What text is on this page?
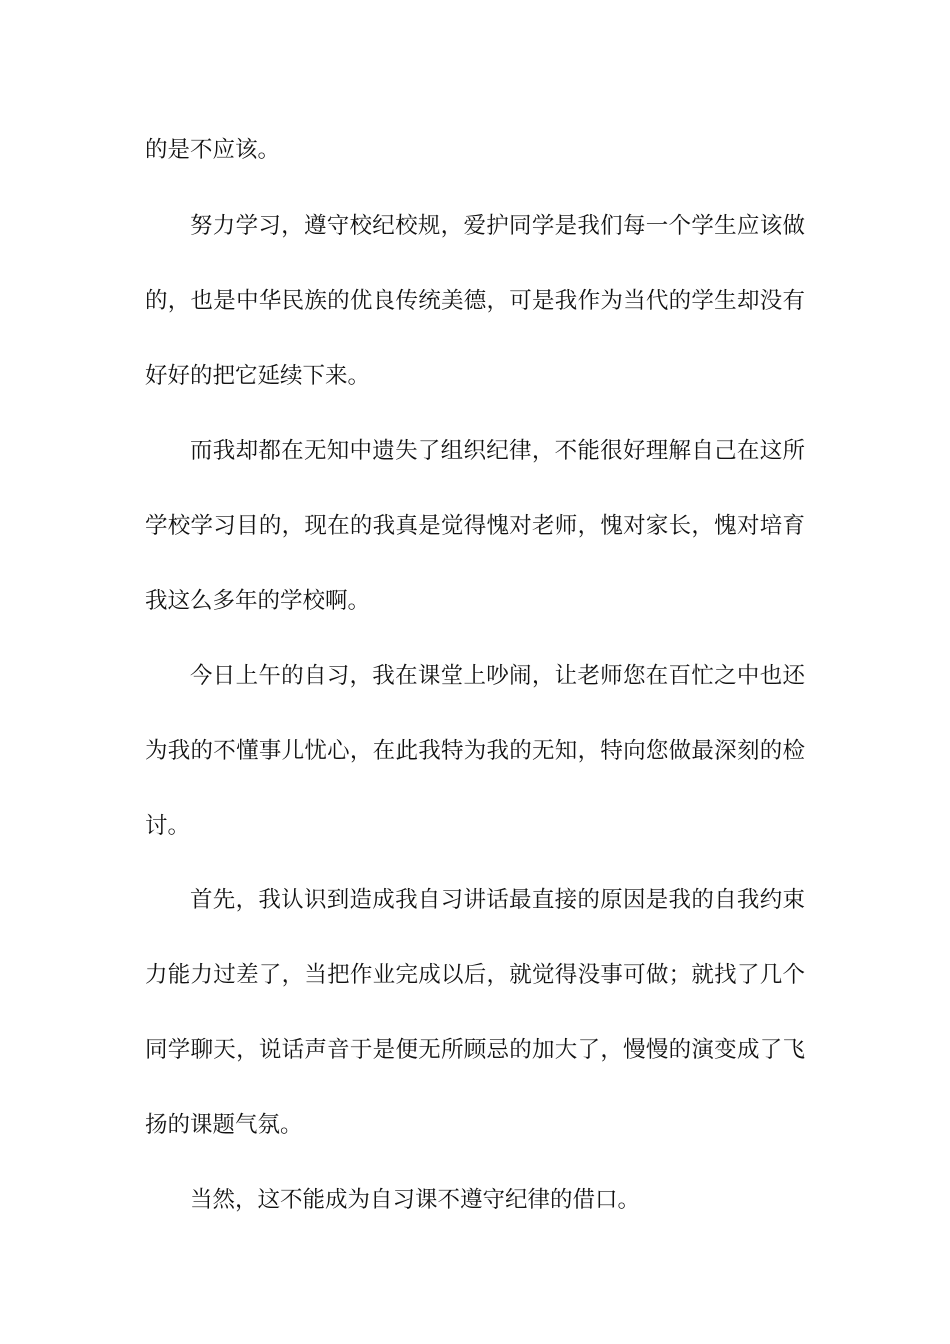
的是不应该。
努力学习，遵守校纪校规，爱护同学是我们每一个学生应该做
的，也是中华民族的优良传统美德，可是我作为当代的学生却没有
好好的把它延续下来。
而我却都在无知中遗失了组织纪律，不能很好理解自己在这所
学校学习目的，现在的我真是觉得愧对老师，愧对家长，愧对培育
我这么多年的学校啊。
今日上午的自习，我在课堂上吵闹，让老师您在百忙之中也还
为我的不懂事儿忧心，在此我特为我的无知，特向您做最深刻的检
讨。
首先，我认识到造成我自习讲话最直接的原因是我的自我约束
力能力过差了，当把作业完成以后，就觉得没事可做；就找了几个
同学聊天，说话声音于是便无所顾忌的加大了，慢慢的演变成了飞
扬的课题气氛。
当然，这不能成为自习课不遵守纪律的借口。
